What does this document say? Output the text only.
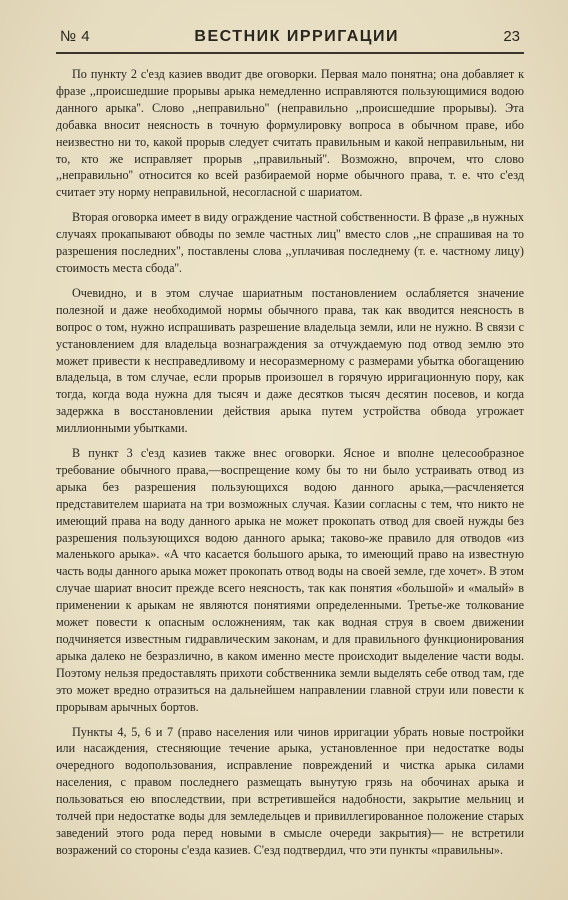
№ 4	ВЕСТНИК ИРРИГАЦИИ	23

По пункту 2 с'езд казиев вводит две оговорки. Первая мало понятна; она добавляет к фразе ,,происшедшие прорывы арыка немедленно исправляются пользующимися водою данного арыка''. Слово ,,неправильно'' (неправильно ,,происшедшие прорывы). Эта добавка вносит неясность в точную формулировку вопроса в обычном праве, ибо неизвестно ни то, какой прорыв следует считать правильным и какой неправильным, ни то, кто же исправляет прорыв ,,правильный''. Возможно, впрочем, что слово ,,неправильно'' относится ко всей разбираемой норме обычного права, т. е. что с'езд считает эту норму неправильной, несогласной с шариатом.

Вторая оговорка имеет в виду ограждение частной собственности. В фразе ,,в нужных случаях прокапывают обводы по земле частных лиц'' вместо слов ,,не спрашивая на то разрешения последних'', поставлены слова ,,уплачивая последнему (т. е. частному лицу) стоимость места сбода''.

Очевидно, и в этом случае шариатным постановлением ослабляется значение полезной и даже необходимой нормы обычного права, так как вводится неясность в вопрос о том, нужно испрашивать разрешение владельца земли, или не нужно. В связи с установлением для владельца вознаграждения за отчуждаемую под отвод землю это может привести к несправедливому и несоразмерному с размерами убытка обогащению владельца, в том случае, если прорыв произошел в горячую ирригационную пору, как тогда, когда вода нужна для тысяч и даже десятков тысяч десятин посевов, и когда задержка в восстановлении действия арыка путем устройства обвода угрожает миллионными убытками.

В пункт 3 с'езд казиев также внес оговорки. Ясное и вполне целесообразное требование обычного права,—воспрещение кому бы то ни было устраивать отвод из арыка без разрешения пользующихся водою данного арыка,—расчленяется представителем шариата на три возможных случая. Казии согласны с тем, что никто не имеющий права на воду данного арыка не может прокопать отвод для своей нужды без разрешения пользующихся водою данного арыка; таково-же правило для отводов «из маленького арыка». «А что касается большого арыка, то имеющий право на известную часть воды данного арыка может прокопать отвод воды на своей земле, где хочет». В этом случае шариат вносит прежде всего неясность, так как понятия «большой» и «малый» в применении к арыкам не являются понятиями определенными. Третье-же толкование может повести к опасным осложнениям, так как водная струя в своем движении подчиняется известным гидравлическим законам, и для правильного функционирования арыка далеко не безразлично, в каком именно месте происходит выделение части воды. Поэтому нельзя предоставлять прихоти собственника земли выделять себе отвод там, где это может вредно отразиться на дальнейшем направлении главной струи или повести к прорывам арычных бортов.

Пункты 4, 5, 6 и 7 (право населения или чинов ирригации убрать новые постройки или насаждения, стесняющие течение арыка, установленное при недостатке воды очередного водопользования, исправление повреждений и чистка арыка силами населения, с правом последнего размещать вынутую грязь на обочинах арыка и пользоваться ею впоследствии, при встретившейся надобности, закрытие мельниц и толчей при недостатке воды для земледельцев и привиллегированное положение старых заведений этого рода перед новыми в смысле очереди закрытия)— не встретили возражений со стороны с'езда казиев. С'езд подтвердил, что эти пункты «правильны».
